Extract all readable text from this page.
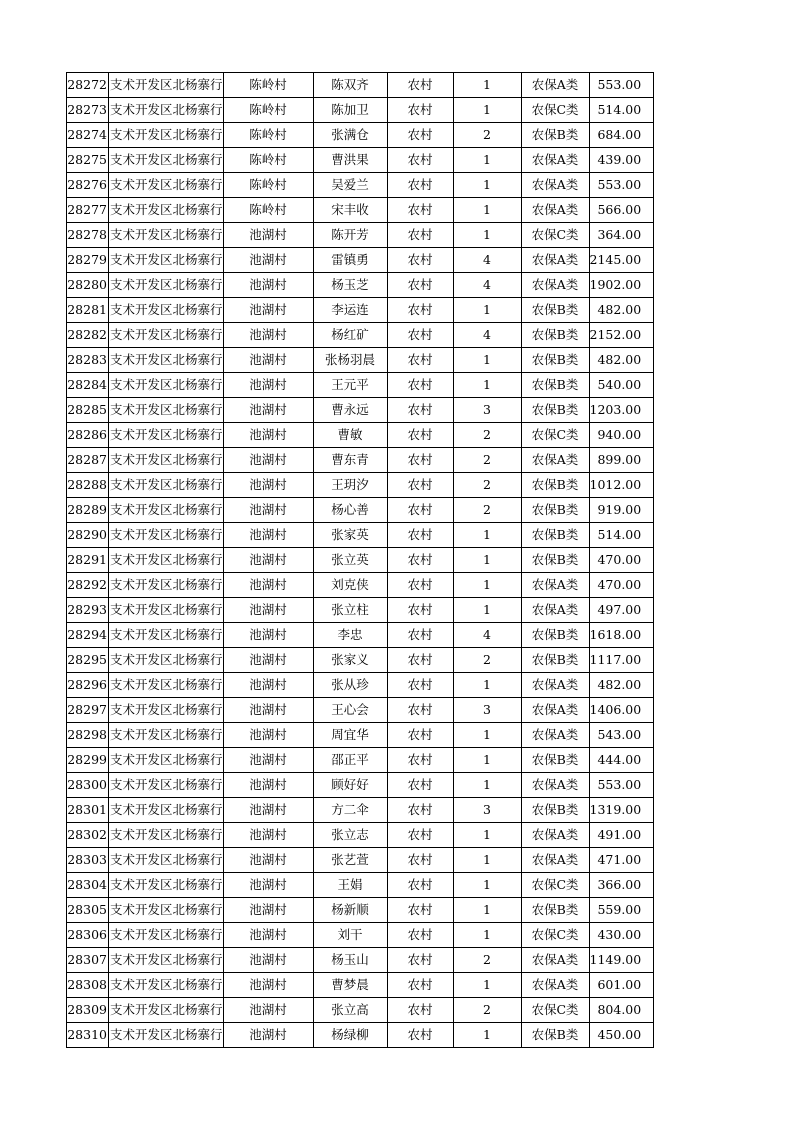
28272	支术开发区北杨寨行	陈岭村	陈双齐	农村	1	农保A类	553.00
28273	支术开发区北杨寨行	陈岭村	陈加卫	农村	1	农保C类	514.00
28274	支术开发区北杨寨行	陈岭村	张满仓	农村	2	农保B类	684.00
28275	支术开发区北杨寨行	陈岭村	曹洪果	农村	1	农保A类	439.00
28276	支术开发区北杨寨行	陈岭村	吴爱兰	农村	1	农保A类	553.00
28277	支术开发区北杨寨行	陈岭村	宋丰收	农村	1	农保A类	566.00
28278	支术开发区北杨寨行	池湖村	陈开芳	农村	1	农保C类	364.00
28279	支术开发区北杨寨行	池湖村	雷镇勇	农村	4	农保A类	2145.00
28280	支术开发区北杨寨行	池湖村	杨玉芝	农村	4	农保A类	1902.00
28281	支术开发区北杨寨行	池湖村	李运连	农村	1	农保B类	482.00
28282	支术开发区北杨寨行	池湖村	杨红矿	农村	4	农保B类	2152.00
28283	支术开发区北杨寨行	池湖村	张杨羽晨	农村	1	农保B类	482.00
28284	支术开发区北杨寨行	池湖村	王元平	农村	1	农保B类	540.00
28285	支术开发区北杨寨行	池湖村	曹永远	农村	3	农保B类	1203.00
28286	支术开发区北杨寨行	池湖村	曹敏	农村	2	农保C类	940.00
28287	支术开发区北杨寨行	池湖村	曹东青	农村	2	农保A类	899.00
28288	支术开发区北杨寨行	池湖村	王玥汐	农村	2	农保B类	1012.00
28289	支术开发区北杨寨行	池湖村	杨心善	农村	2	农保B类	919.00
28290	支术开发区北杨寨行	池湖村	张家英	农村	1	农保B类	514.00
28291	支术开发区北杨寨行	池湖村	张立英	农村	1	农保B类	470.00
28292	支术开发区北杨寨行	池湖村	刘克侠	农村	1	农保A类	470.00
28293	支术开发区北杨寨行	池湖村	张立柱	农村	1	农保A类	497.00
28294	支术开发区北杨寨行	池湖村	李忠	农村	4	农保B类	1618.00
28295	支术开发区北杨寨行	池湖村	张家义	农村	2	农保B类	1117.00
28296	支术开发区北杨寨行	池湖村	张从珍	农村	1	农保A类	482.00
28297	支术开发区北杨寨行	池湖村	王心会	农村	3	农保A类	1406.00
28298	支术开发区北杨寨行	池湖村	周宜华	农村	1	农保A类	543.00
28299	支术开发区北杨寨行	池湖村	邵正平	农村	1	农保B类	444.00
28300	支术开发区北杨寨行	池湖村	顾好好	农村	1	农保A类	553.00
28301	支术开发区北杨寨行	池湖村	方二伞	农村	3	农保B类	1319.00
28302	支术开发区北杨寨行	池湖村	张立志	农村	1	农保A类	491.00
28303	支术开发区北杨寨行	池湖村	张艺萱	农村	1	农保A类	471.00
28304	支术开发区北杨寨行	池湖村	王娟	农村	1	农保C类	366.00
28305	支术开发区北杨寨行	池湖村	杨新顺	农村	1	农保B类	559.00
28306	支术开发区北杨寨行	池湖村	刘干	农村	1	农保C类	430.00
28307	支术开发区北杨寨行	池湖村	杨玉山	农村	2	农保A类	1149.00
28308	支术开发区北杨寨行	池湖村	曹梦晨	农村	1	农保A类	601.00
28309	支术开发区北杨寨行	池湖村	张立高	农村	2	农保C类	804.00
28310	支术开发区北杨寨行	池湖村	杨绿柳	农村	1	农保B类	450.00
